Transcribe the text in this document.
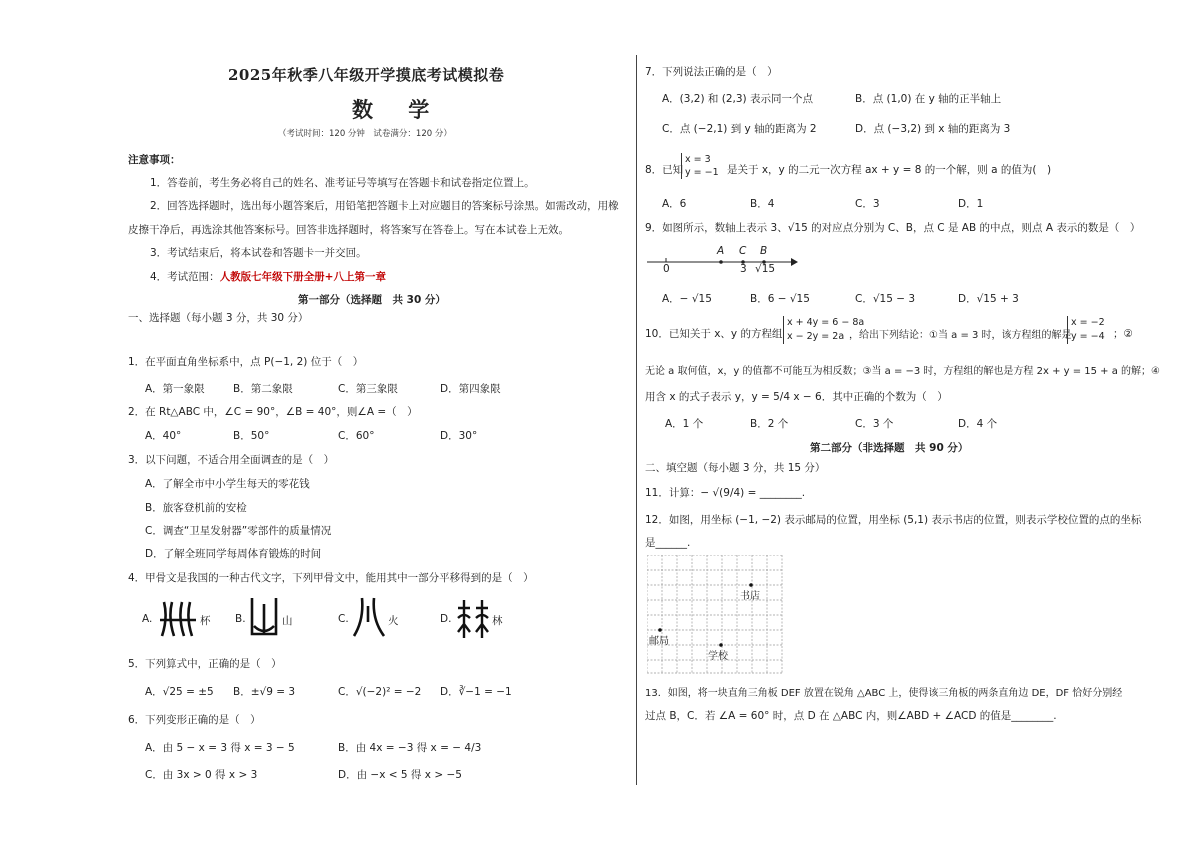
2025年秋季八年级开学摸底考试模拟卷
数 学
（考试时间：120 分钟　试卷满分：120 分）
注意事项：
1．答卷前，考生务必将自己的姓名、准考证号等填写在答题卡和试卷指定位置上。
2．回答选择题时，选出每小题答案后，用铅笔把答题卡上对应题目的答案标号涂黑。如需改动，用橡
皮擦干净后，再选涂其他答案标号。回答非选择题时，将答案写在答卷上。写在本试卷上无效。
3．考试结束后，将本试卷和答题卡一并交回。
4．考试范围：人教版七年级下册全册+八上第一章
第一部分（选择题　共 30 分）
一、选择题（每小题 3 分，共 30 分）
1．在平面直角坐标系中，点 P(−1, 2) 位于（　）
A．第一象限	B．第二象限	C．第三象限	D．第四象限
2．在 Rt△ABC 中，∠C = 90°，∠B = 40°，则∠A =（　）
A．40°	B．50°	C．60°	D．30°
3．以下问题，不适合用全面调查的是（　）
A．了解全市中小学生每天的零花钱
B．旅客登机前的安检
C．调查“卫星发射器”零部件的质量情况
D．了解全班同学每周体育锻炼的时间
4．甲骨文是我国的一种古代文字，下列甲骨文中，能用其中一部分平移得到的是（　）
A.	杯 B.	山	C.	火	D.	林
5．下列算式中，正确的是（　）
A．√25 = ±5 B．±√9 = 3	C．√(−2)² = −2 D．∛−1 = −1
6．下列变形正确的是（　）
A．由 5 − x = 3 得 x = 3 − 5	B．由 4x = −3 得 x = − 4/3
C．由 3x > 0 得 x > 3	D．由 −x < 5 得 x > −5
7．下列说法正确的是（　）
A．(3,2) 和 (2,3) 表示同一个点	B．点 (1,0) 在 y 轴的正半轴上
C．点 (−2,1) 到 y 轴的距离为 2	D．点 (−3,2) 到 x 轴的距离为 3
8．已知
x = 3
y = −1 是关于 x，y 的二元一次方程 ax + y = 8 的一个解，则 a 的值为(　)
A．6	B．4	C．3	D．1
9．如图所示，数轴上表示 3、√15 的对应点分别为 C、B，点 C 是 AB 的中点，则点 A 表示的数是（　）
A C B
0	3 √15
A．− √15	B．6 − √15	C．√15 − 3	D．√15 + 3
10．已知关于 x、y 的方程组
x + 4y = 6 − 8a
x − 2y = 2a ，给出下列结论：①当 a = 3 时，该方程组的解是
x = −2
y = −4 ；②
无论 a 取何值，x，y 的值都不可能互为相反数；③当 a = −3 时，方程组的解也是方程 2x + y = 15 + a 的解；④
用含 x 的式子表示 y，y = 5/4 x − 6．其中正确的个数为（　）
A．1 个	B．2 个	C．3 个	D．4 个
第二部分（非选择题　共 90 分）
二、填空题（每小题 3 分，共 15 分）
11．计算：− √(9/4) = ________.
12．如图，用坐标 (−1, −2) 表示邮局的位置，用坐标 (5,1) 表示书店的位置，则表示学校位置的点的坐标
是______.
书店
邮局
学校
13．如图，将一块直角三角板 DEF 放置在锐角 △ABC 上，使得该三角板的两条直角边 DE，DF 恰好分别经
过点 B，C．若 ∠A = 60° 时，点 D 在 △ABC 内，则∠ABD + ∠ACD 的值是________.
